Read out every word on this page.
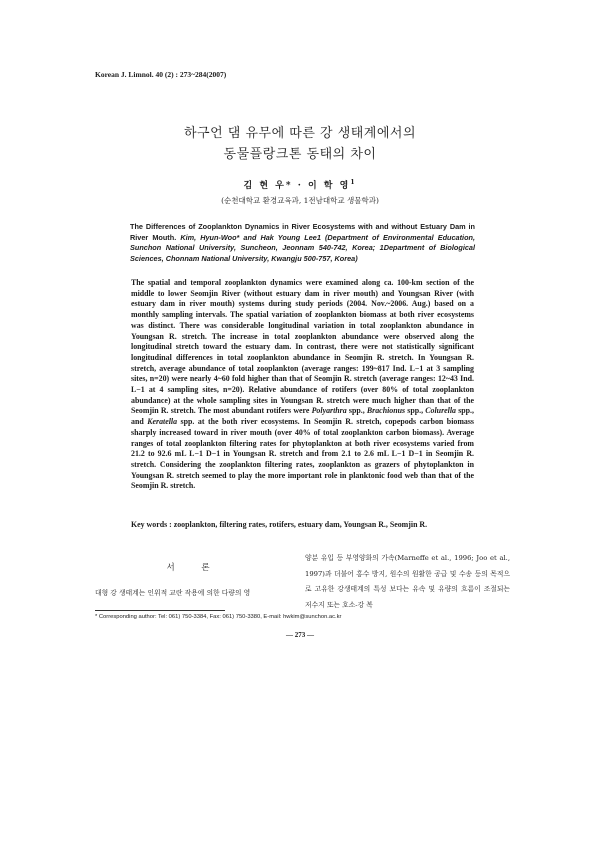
Korean J. Limnol. 40 (2) : 273~284(2007)
하구언 댐 유무에 따른 강 생태계에서의
동물플랑크톤 동태의 차이
김 현 우* · 이 학 영$^1$
(순천대학교 환경교육과, 1전남대학교 생물학과)
The Differences of Zooplankton Dynamics in River Ecosystems with and without Estuary Dam in River Mouth. Kim, Hyun-Woo* and Hak Young Lee1 (Department of Environmental Education, Sunchon National University, Suncheon, Jeonnam 540-742, Korea; 1Department of Biological Sciences, Chonnam National University, Kwangju 500-757, Korea)
The spatial and temporal zooplankton dynamics were examined along ca. 100-km section of the middle to lower Seomjin River (without estuary dam in river mouth) and Youngsan River (with estuary dam in river mouth) systems during study periods (2004. Nov.~2006. Aug.) based on a monthly sampling intervals. The spatial variation of zooplankton biomass at both river ecosystems was distinct. There was considerable longitudinal variation in total zooplankton abundance in Youngsan R. stretch. The increase in total zooplankton abundance were observed along the longitudinal stretch toward the estuary dam. In contrast, there were not statistically significant longitudinal differences in total zooplankton abundance in Seomjin R. stretch. In Youngsan R. stretch, average abundance of total zooplankton (average ranges: 199~817 Ind. L−1 at 3 sampling sites, n=20) were nearly 4~60 fold higher than that of Seomjin R. stretch (average ranges: 12~43 Ind. L−1 at 4 sampling sites, n=20). Relative abundance of rotifers (over 80% of total zooplankton abundance) at the whole sampling sites in Youngsan R. stretch were much higher than that of the Seomjin R. stretch. The most abundant rotifers were Polyarthra spp., Brachionus spp., Colurella spp., and Keratella spp. at the both river ecosystems. In Seomjin R. stretch, copepods carbon biomass sharply increased toward in river mouth (over 40% of total zooplankton carbon biomass). Average ranges of total zooplankton filtering rates for phytoplankton at both river ecosystems varied from 21.2 to 92.6 mL L−1 D−1 in Youngsan R. stretch and from 2.1 to 2.6 mL L−1 D−1 in Seomjin R. stretch. Considering the zooplankton filtering rates, zooplankton as grazers of phytoplankton in Youngsan R. stretch seemed to play the more important role in planktonic food web than that of the Seomjin R. stretch.
Key words : zooplankton, filtering rates, rotifers, estuary dam, Youngsan R., Seomjin R.
서 론
대형 강 생태계는 인위적 교란 작용에 의한 다량의 영
양분 유입 등 부영양화의 가속(Marneffe et al., 1996; Joo et al., 1997)과 더불어 홍수 방지, 원수의 원활한 공급 및 수송 등의 목적으로 고유한 강생태계의 특성 보다는 유속 및 유량의 흐름이 조절되는 저수지 또는 호소-강 복
* Corresponding author: Tel: 061) 750-3384, Fax: 061) 750-3380, E-mail: hwkim@sunchon.ac.kr
— 273 —
